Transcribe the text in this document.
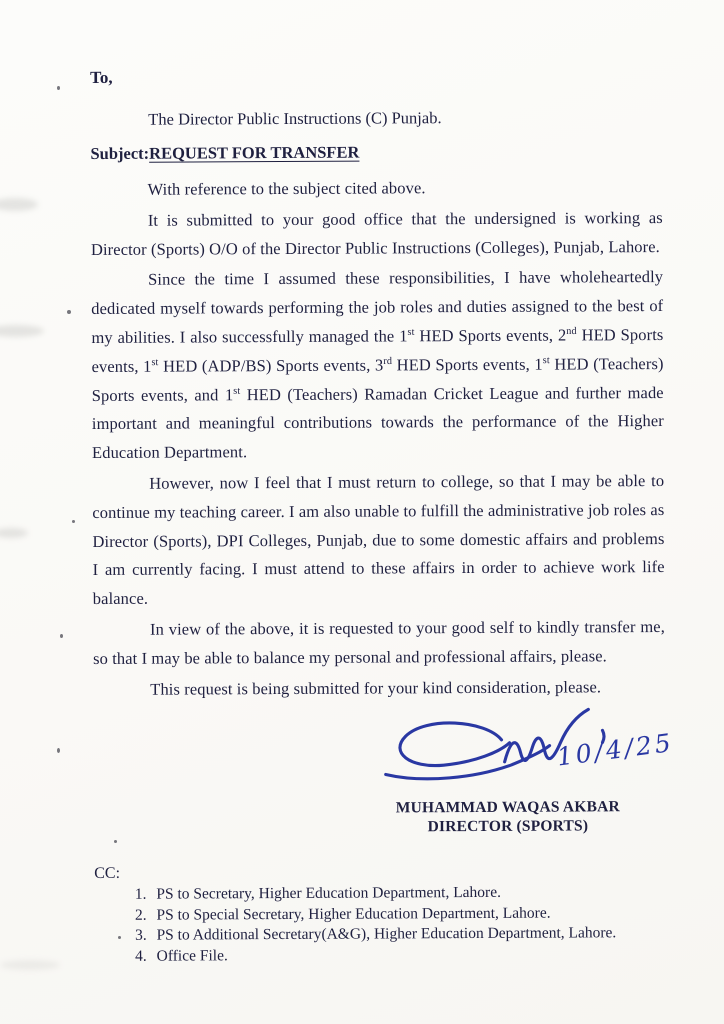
To,
The Director Public Instructions (C) Punjab.
Subject:REQUEST FOR TRANSFER

With reference to the subject cited above.

It is submitted to your good office that the undersigned is working as Director (Sports) O/O of the Director Public Instructions (Colleges), Punjab, Lahore.

Since the time I assumed these responsibilities, I have wholeheartedly dedicated myself towards performing the job roles and duties assigned to the best of my abilities. I also successfully managed the 1st HED Sports events, 2nd HED Sports events, 1st HED (ADP/BS) Sports events, 3rd HED Sports events, 1st HED (Teachers) Sports events, and 1st HED (Teachers) Ramadan Cricket League and further made important and meaningful contributions towards the performance of the Higher Education Department.

However, now I feel that I must return to college, so that I may be able to continue my teaching career. I am also unable to fulfill the administrative job roles as Director (Sports), DPI Colleges, Punjab, due to some domestic affairs and problems I am currently facing. I must attend to these affairs in order to achieve work life balance.

In view of the above, it is requested to your good self to kindly transfer me, so that I may be able to balance my personal and professional affairs, please.

This request is being submitted for your kind consideration, please.

10/4/25
MUHAMMAD WAQAS AKBAR
DIRECTOR (SPORTS)
CC:
1. PS to Secretary, Higher Education Department, Lahore.
2. PS to Special Secretary, Higher Education Department, Lahore.
3. PS to Additional Secretary(A&G), Higher Education Department, Lahore.
4. Office File.
